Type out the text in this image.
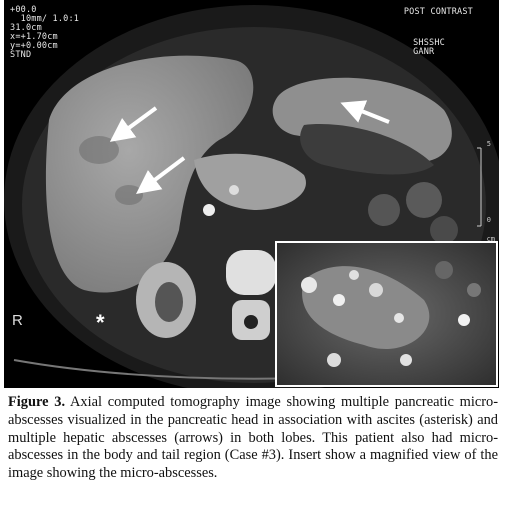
*
+00.0
10mm/ 1.0:1
31.0cm
x=+1.70cm
y=+0.00cm
STND
POST CONTRAST
SHSSHC
GANR
R
5
0
cm
Figure 3. Axial computed tomography image showing multiple pancreatic micro-abscesses visualized in the pancreatic head in association with ascites (asterisk) and multiple hepatic abscesses (arrows) in both lobes. This patient also had micro-abscesses in the body and tail region (Case #3). Insert show a magnified view of the image showing the micro-abscesses.
